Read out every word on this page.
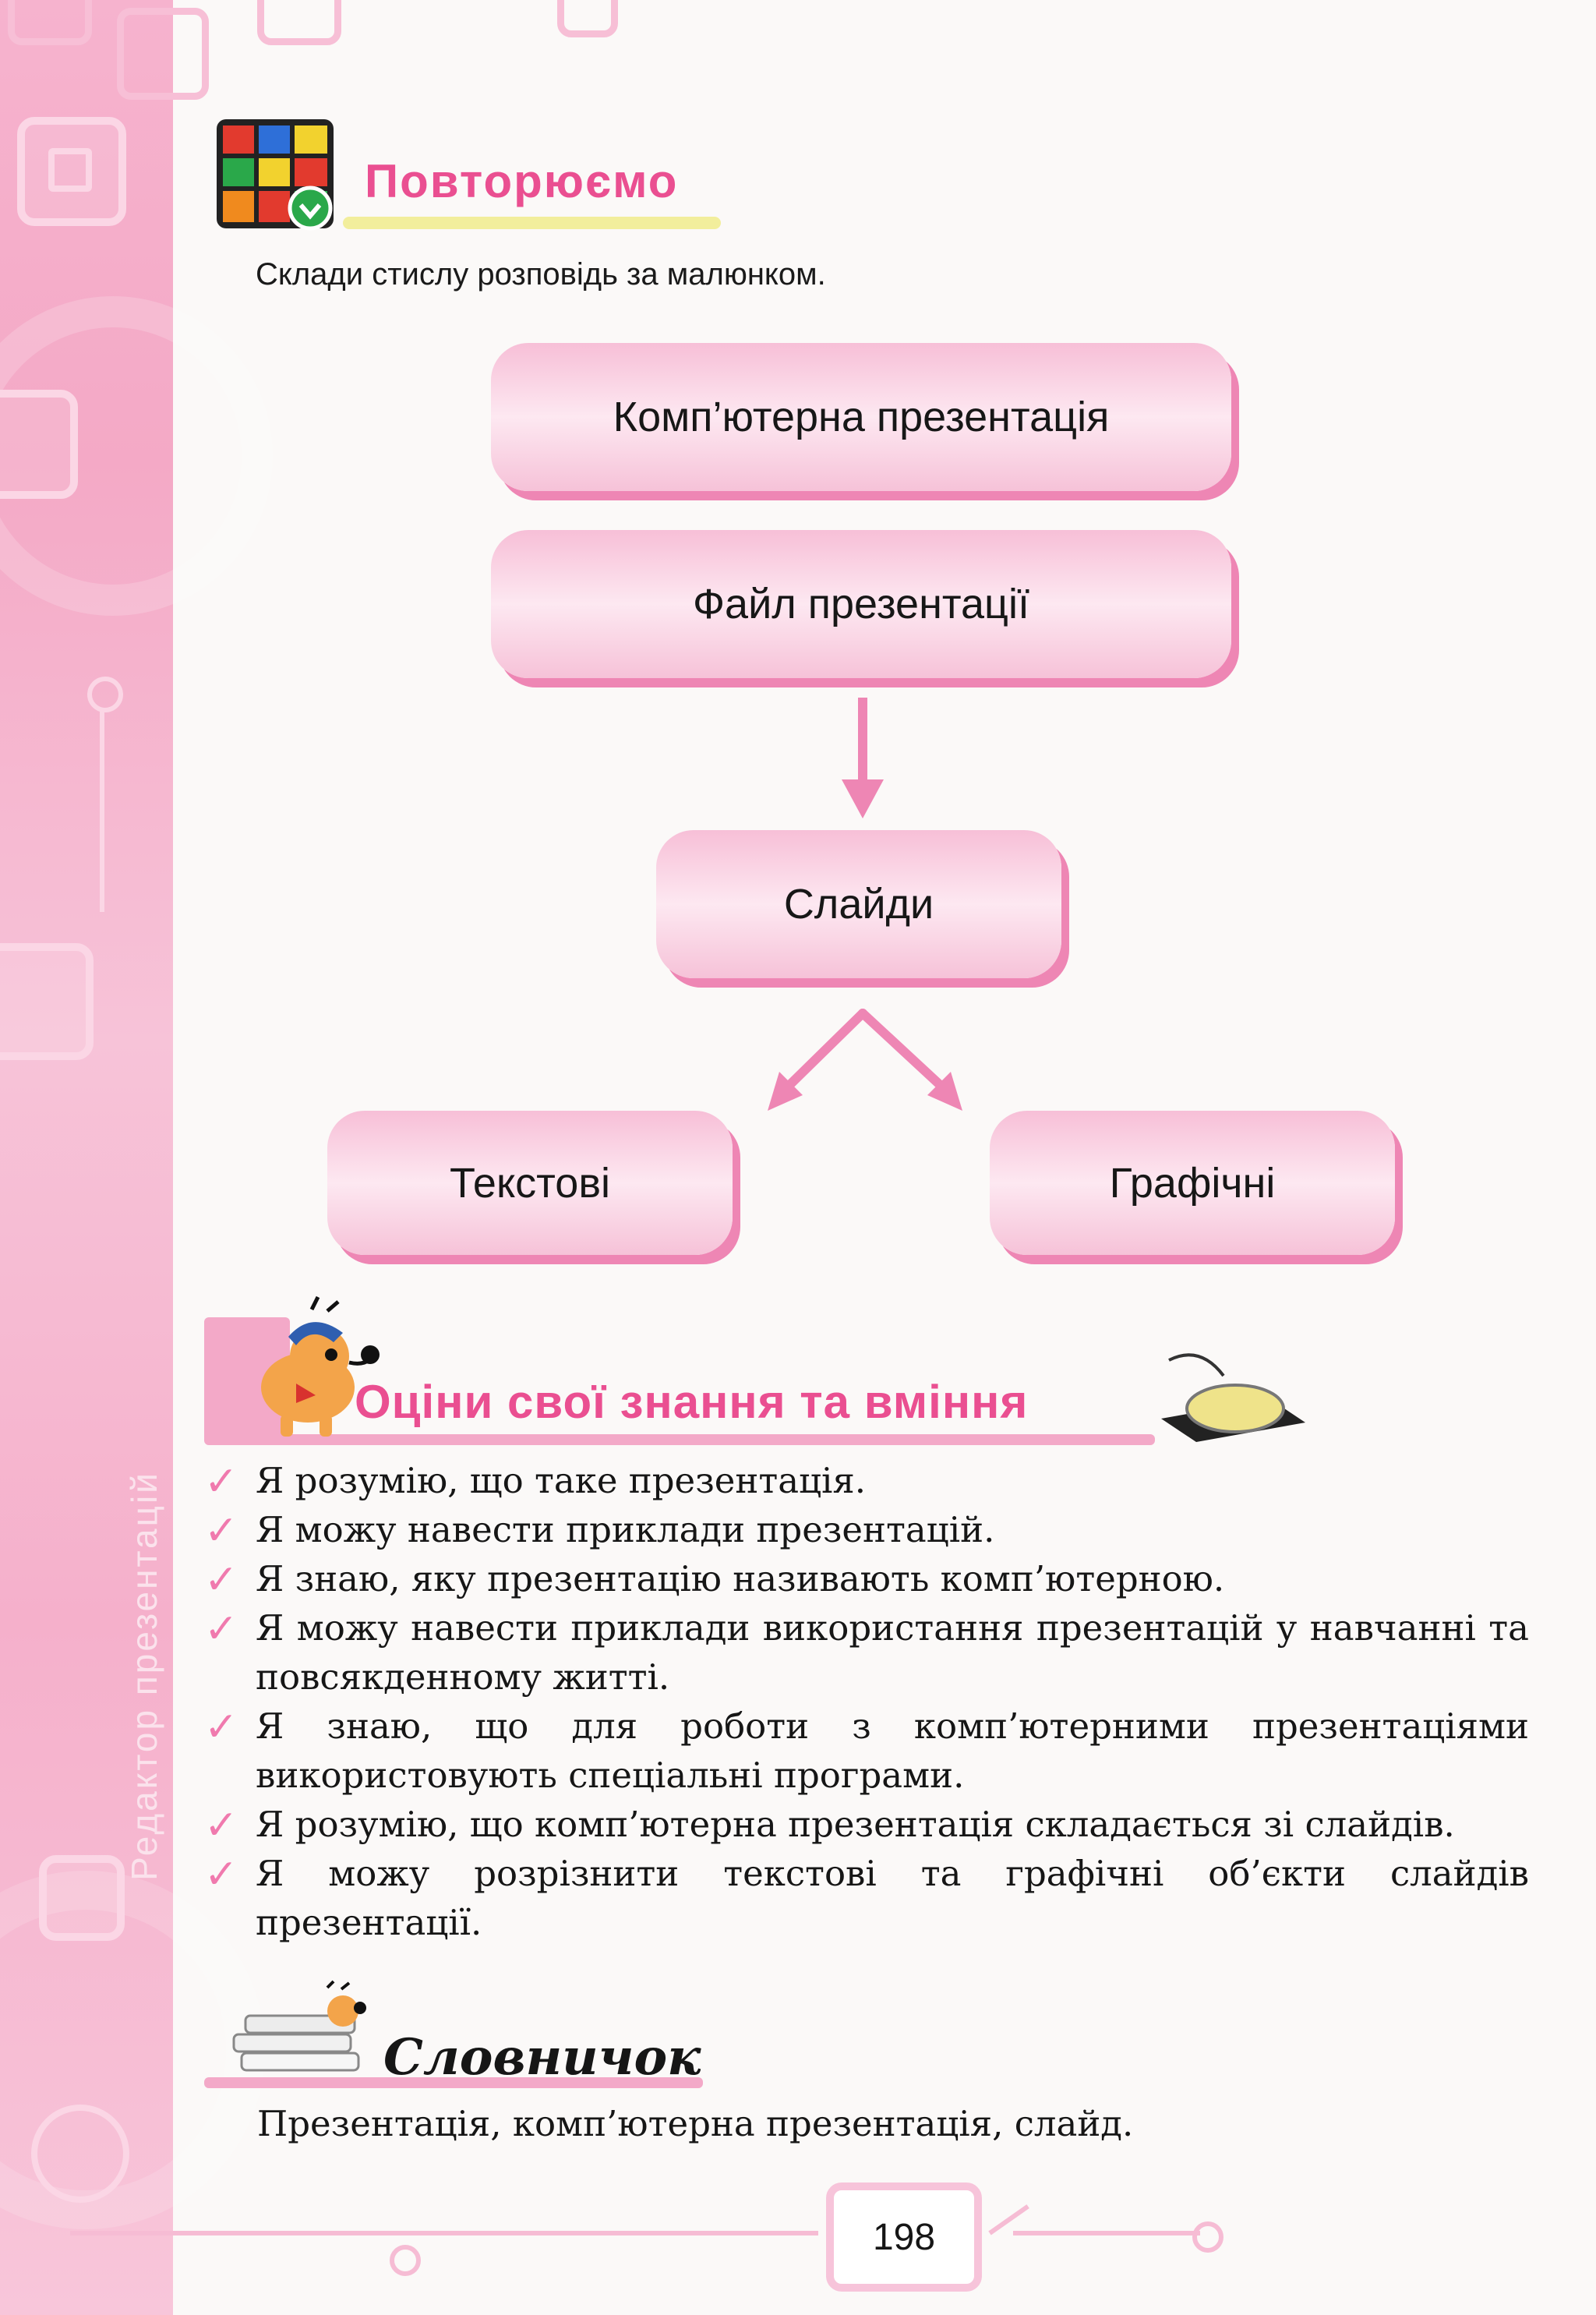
Редактор презентацій
Повторюємо
Склади стислу розповідь за малюнком.
Комп’ютерна презентація
Файл презентації
Слайди
Текстові	Графічні
Оціни свої знання та вміння
✓ Я розумію, що таке презентація.
✓ Я можу навести приклади презентацій.
✓ Я знаю, яку презентацію називають комп’ютерною.
✓ Я можу навести приклади використання презентацій у навчанні та повсякденному житті.
✓ Я знаю, що для роботи з комп’ютерними презентаціями використовують спеціальні програми.
✓ Я розумію, що комп’ютерна презентація складається зі слайдів.
✓ Я можу розрізнити текстові та графічні об’єкти слайдів презентації.
Словничок
Презентація, комп’ютерна презентація, слайд.
198
